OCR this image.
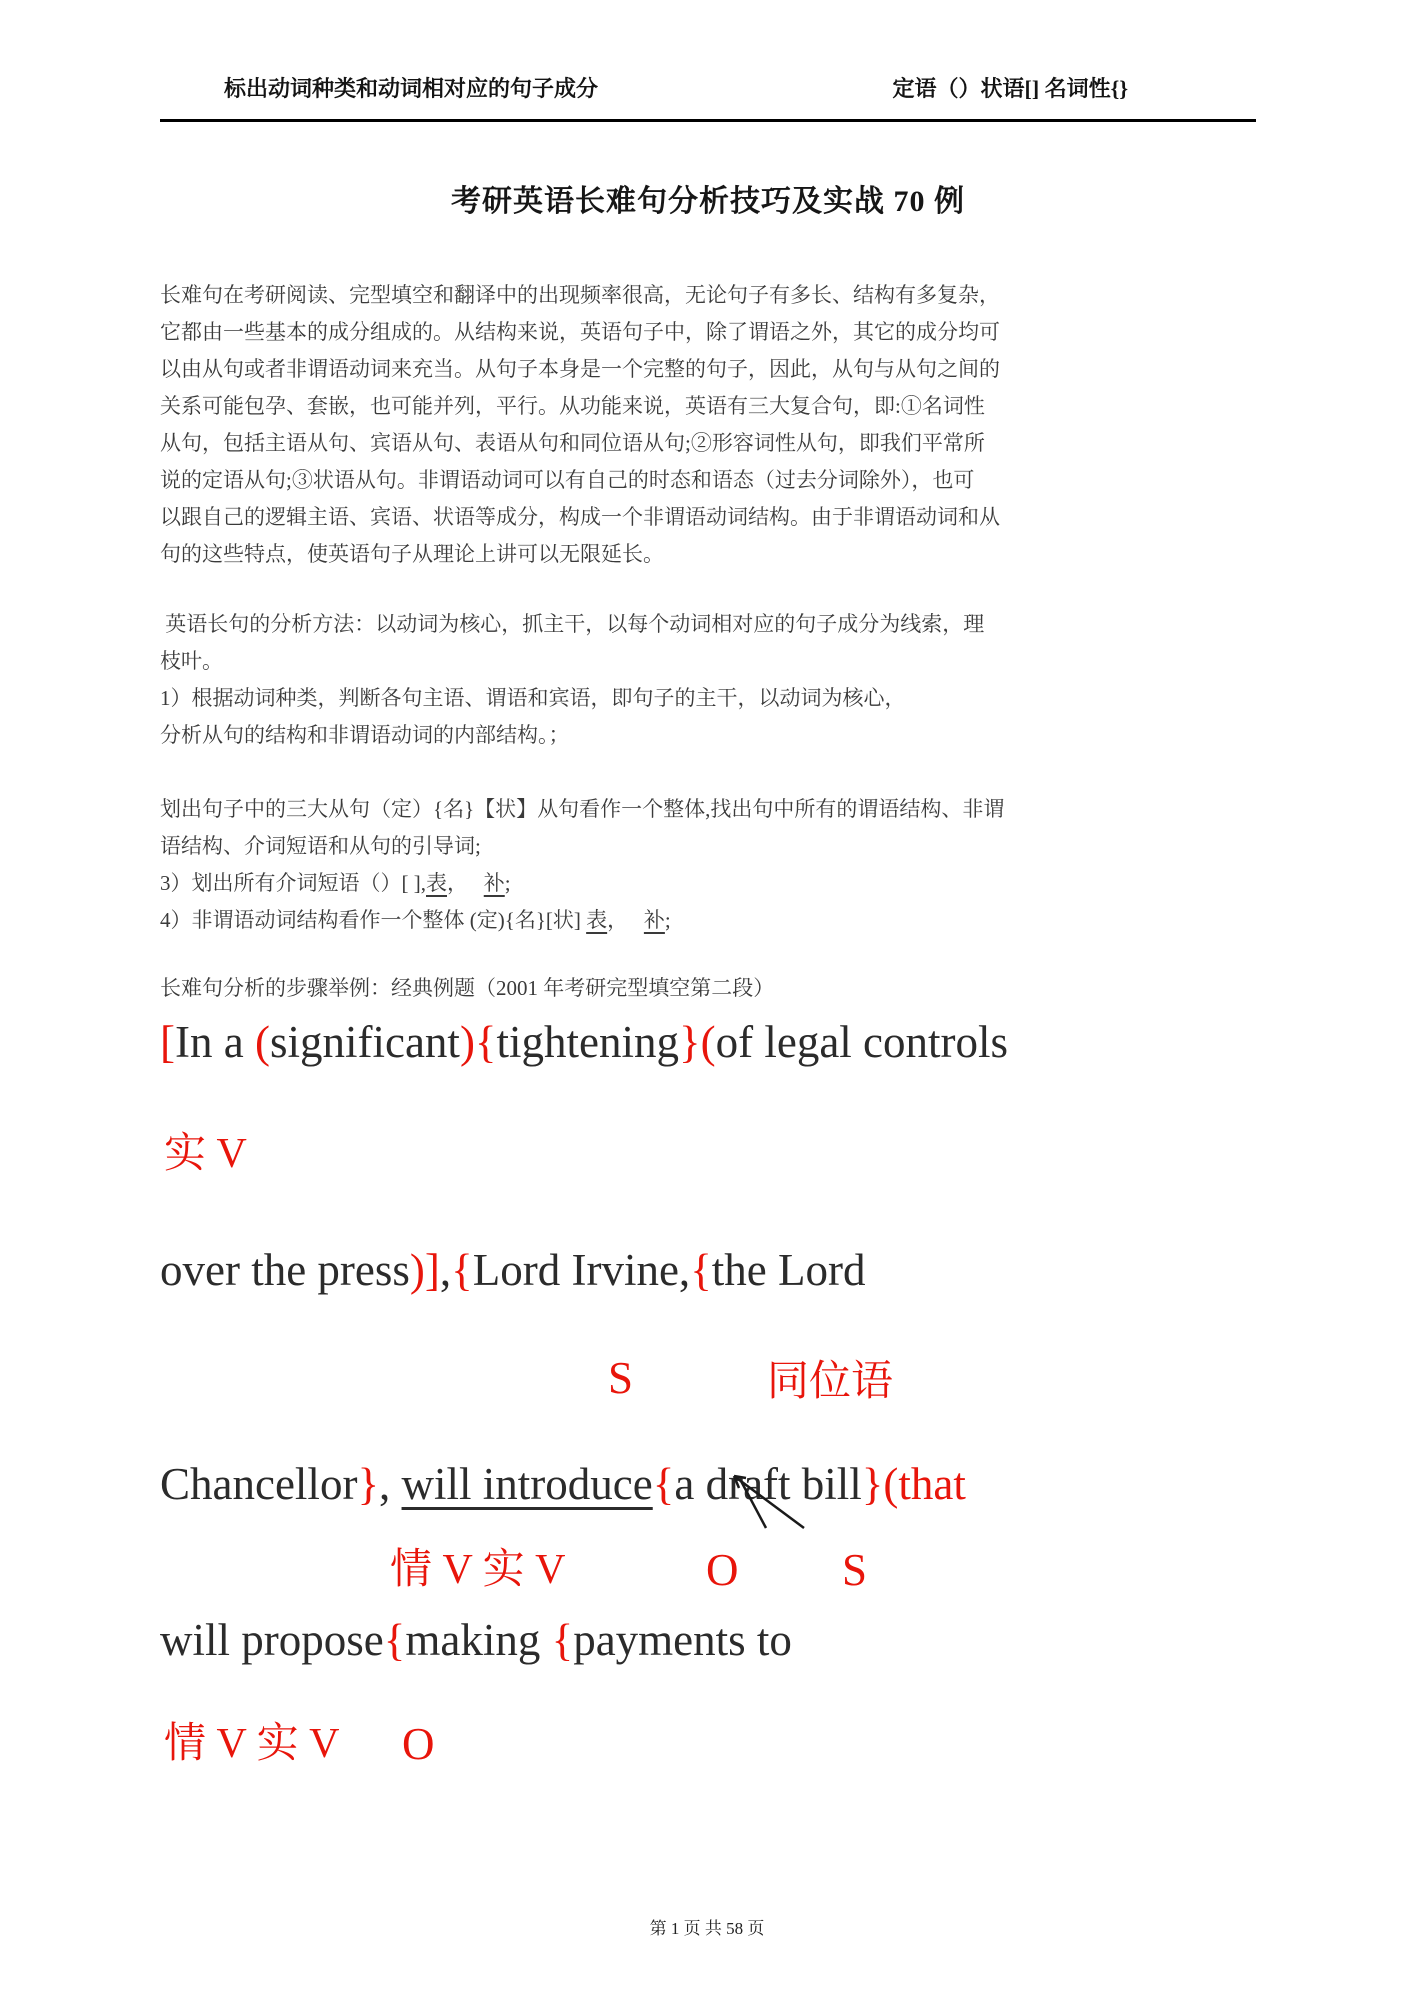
标出动词种类和动词相对应的句子成分	定语（）状语[] 名词性{}
考研英语长难句分析技巧及实战 70 例
长难句在考研阅读、完型填空和翻译中的出现频率很高，无论句子有多长、结构有多复杂，
它都由一些基本的成分组成的。从结构来说，英语句子中，除了谓语之外，其它的成分均可
以由从句或者非谓语动词来充当。从句子本身是一个完整的句子，因此，从句与从句之间的
关系可能包孕、套嵌，也可能并列，平行。从功能来说，英语有三大复合句，即:①名词性
从句，包括主语从句、宾语从句、表语从句和同位语从句;②形容词性从句，即我们平常所
说的定语从句;③状语从句。非谓语动词可以有自己的时态和语态（过去分词除外），也可
以跟自己的逻辑主语、宾语、状语等成分，构成一个非谓语动词结构。由于非谓语动词和从
句的这些特点，使英语句子从理论上讲可以无限延长。
英语长句的分析方法：以动词为核心，抓主干，以每个动词相对应的句子成分为线索，理
枝叶。
1）根据动词种类，判断各句主语、谓语和宾语，即句子的主干，以动词为核心，
分析从句的结构和非谓语动词的内部结构。；
划出句子中的三大从句（定）{名}【状】从句看作一个整体,找出句中所有的谓语结构、非谓
语结构、介词短语和从句的引导词;
3）划出所有介词短语（）[ ],表，   补;
4）非谓语动词结构看作一个整体 (定){名}[状] 表，   补;
长难句分析的步骤举例：经典例题（2001 年考研完型填空第二段）
[In a (significant){tightening}(of legal controls
实 V
over the press)],{Lord Irvine,{the Lord
S	同位语
Chancellor}, will introduce{a draft bill}(that
情 V 实 V	O S
will propose{making {payments to
情 V 实 V O
第 1 页 共 58 页
